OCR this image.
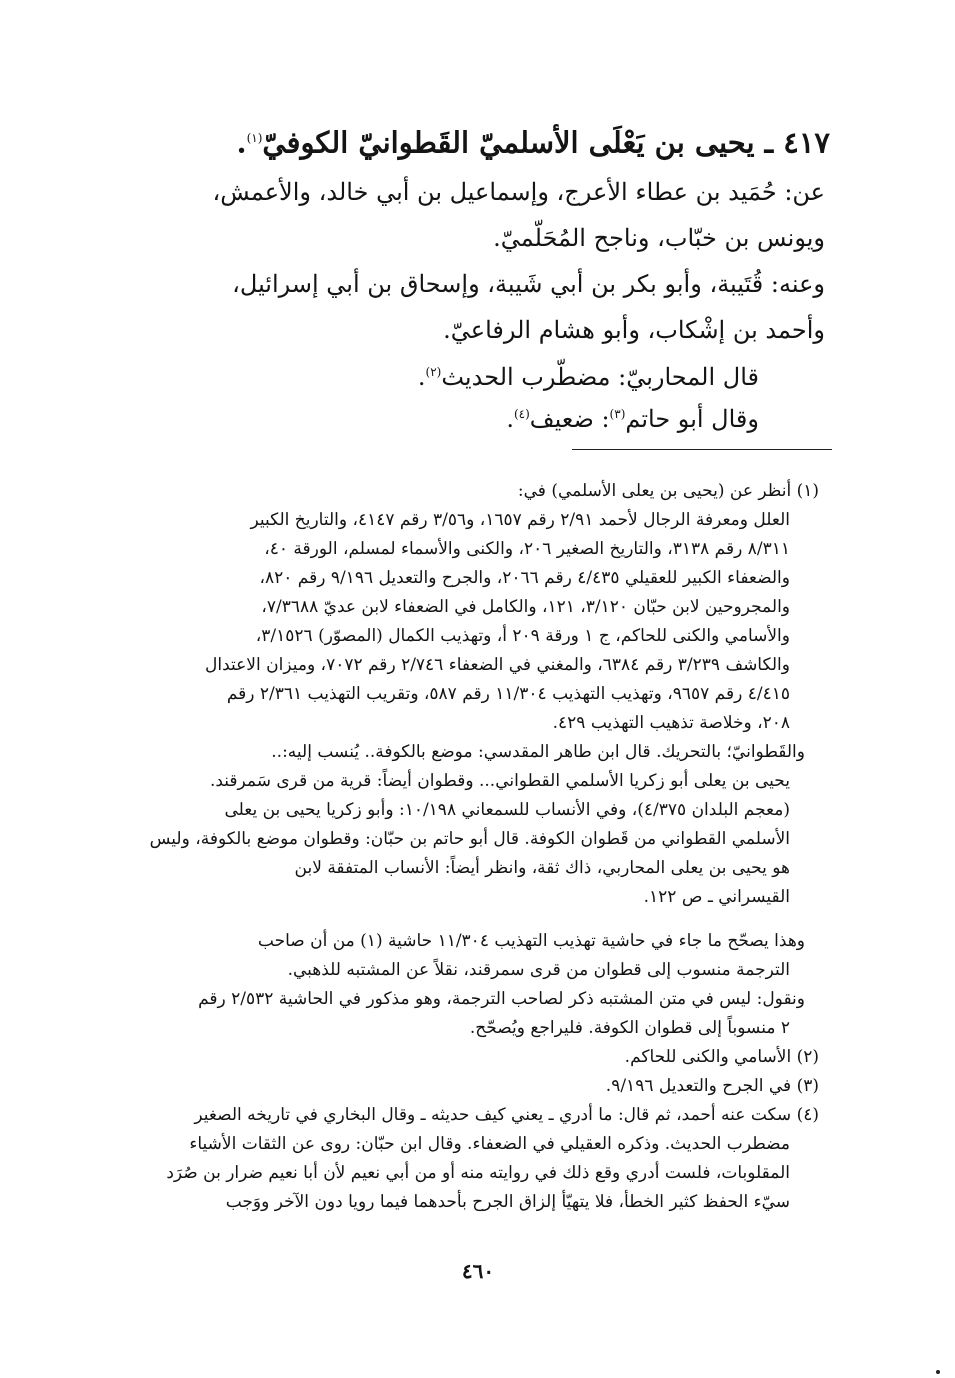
٤١٧ ـ يحيى بن يَعْلَى الأسلميّ القَطوانيّ الكوفيّ$^{(١)}$.
عن: حُمَيد بن عطاء الأعرج، وإسماعيل بن أبي خالد، والأعمش،
ويونس بن خبّاب، وناجح المُحَلّميّ.
وعنه: قُتَيبة، وأبو بكر بن أبي شَيبة، وإسحاق بن أبي إسرائيل،
وأحمد بن إشْكاب، وأبو هشام الرفاعيّ.
قال المحاربيّ: مضطّرب الحديث$^{(٢)}$.
وقال أبو حاتم$^{(٣)}$: ضعيف$^{(٤)}$.
(١) أنظر عن (يحيى بن يعلى الأسلمي) في:
العلل ومعرفة الرجال لأحمد ٢/٩١ رقم ١٦٥٧، و٣/٥٦ رقم ٤١٤٧، والتاريخ الكبير
٨/٣١١ رقم ٣١٣٨، والتاريخ الصغير ٢٠٦، والكنى والأسماء لمسلم، الورقة ٤٠،
والضعفاء الكبير للعقيلي ٤/٤٣٥ رقم ٢٠٦٦، والجرح والتعديل ٩/١٩٦ رقم ٨٢٠،
والمجروحين لابن حبّان ٣/١٢٠، ١٢١، والكامل في الضعفاء لابن عديّ ٧/٣٦٨٨،
والأسامي والكنى للحاكم، ج ١ ورقة ٢٠٩ أ، وتهذيب الكمال (المصوّر) ٣/١٥٢٦،
والكاشف ٣/٢٣٩ رقم ٦٣٨٤، والمغني في الضعفاء ٢/٧٤٦ رقم ٧٠٧٢، وميزان الاعتدال
٤/٤١٥ رقم ٩٦٥٧، وتهذيب التهذيب ١١/٣٠٤ رقم ٥٨٧، وتقريب التهذيب ٢/٣٦١ رقم
٢٠٨، وخلاصة تذهيب التهذيب ٤٢٩.
والقَطوانيّ؛ بالتحريك. قال ابن طاهر المقدسي: موضع بالكوفة.. يُنسب إليه:..
يحيى بن يعلى أبو زكريا الأسلمي القطواني... وقطوان أيضاً: قرية من قرى سَمرقند.
(معجم البلدان ٤/٣٧٥)، وفي الأنساب للسمعاني ١٠/١٩٨: وأبو زكريا يحيى بن يعلى
الأسلمي القطواني من قَطوان الكوفة. قال أبو حاتم بن حبّان: وقطوان موضع بالكوفة، وليس
هو يحيى بن يعلى المحاربي، ذاك ثقة، وانظر أيضاً: الأنساب المتفقة لابن
القيسراني ـ ص ١٢٢.
وهذا يصحّح ما جاء في حاشية تهذيب التهذيب ١١/٣٠٤ حاشية (١) من أن صاحب
الترجمة منسوب إلى قطوان من قرى سمرقند، نقلاً عن المشتبه للذهبي.
ونقول: ليس في متن المشتبه ذكر لصاحب الترجمة، وهو مذكور في الحاشية ٢/٥٣٢ رقم
٢ منسوباً إلى قطوان الكوفة. فليراجع ويُصحّح.
(٢) الأسامي والكنى للحاكم.
(٣) في الجرح والتعديل ٩/١٩٦.
(٤) سكت عنه أحمد، ثم قال: ما أدري ـ يعني كيف حديثه ـ وقال البخاري في تاريخه الصغير
مضطرب الحديث. وذكره العقيلي في الضعفاء. وقال ابن حبّان: روى عن الثقات الأشياء
المقلوبات، فلست أدري وقع ذلك في روايته منه أو من أبي نعيم لأن أبا نعيم ضرار بن صُرَد
سيّء الحفظ كثير الخطأ، فلا يتهيّأ إلزاق الجرح بأحدهما فيما رويا دون الآخر ووَجب
٤٦٠
